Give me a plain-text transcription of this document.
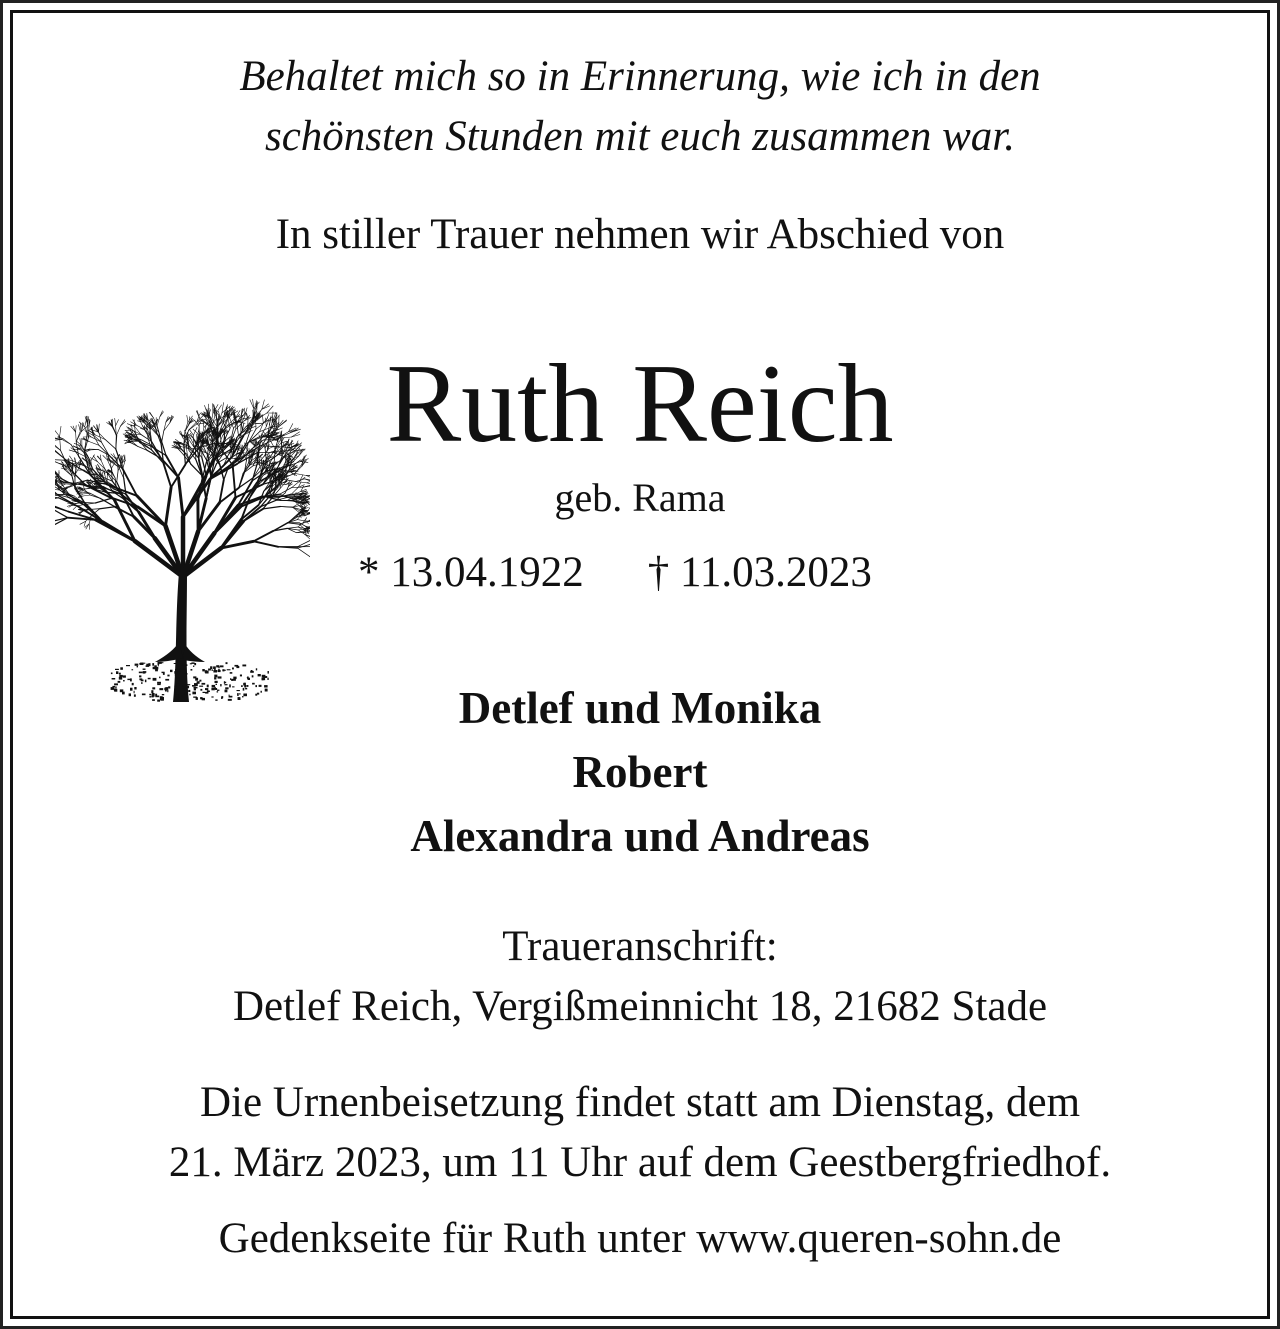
Behaltet mich so in Erinnerung, wie ich in den
schönsten Stunden mit euch zusammen war.
In stiller Trauer nehmen wir Abschied von
Ruth Reich
geb. Rama
* 13.04.1922 † 11.03.2023
Detlef und Monika
Robert
Alexandra und Andreas
Traueranschrift:
Detlef Reich, Vergißmeinnicht 18, 21682 Stade
Die Urnenbeisetzung findet statt am Dienstag, dem
21. März 2023, um 11 Uhr auf dem Geestbergfriedhof.
Gedenkseite für Ruth unter www.queren-sohn.de
